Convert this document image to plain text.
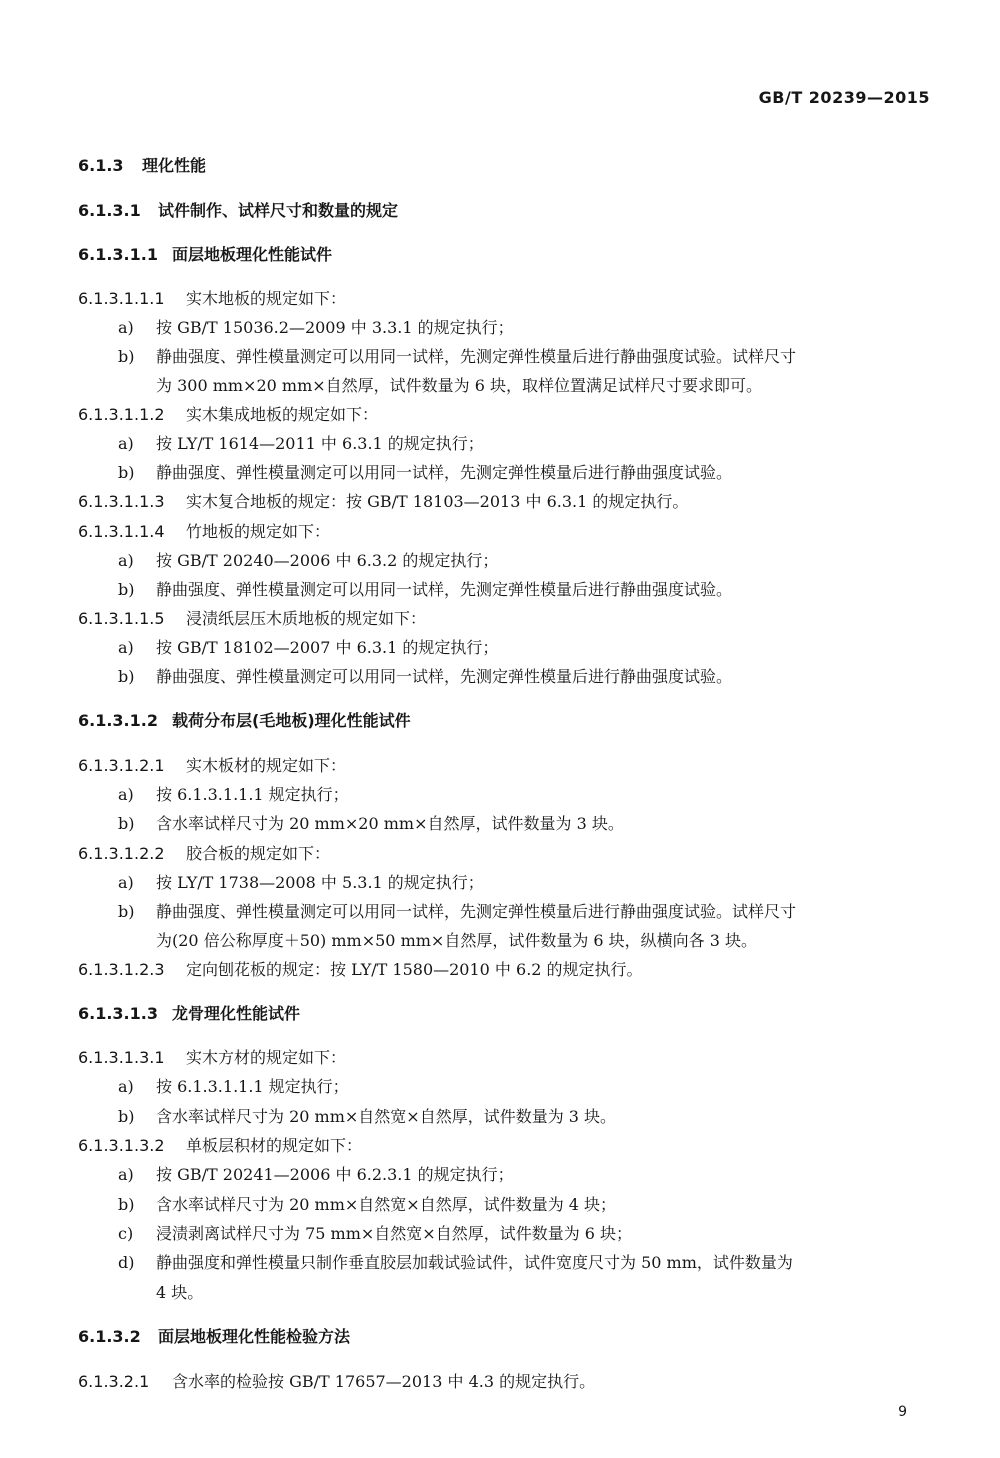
GB/T 20239—2015
6.1.3 理化性能
6.1.3.1 试件制作、试样尺寸和数量的规定
6.1.3.1.1 面层地板理化性能试件
6.1.3.1.1.1 实木地板的规定如下：
a) 按 GB/T 15036.2—2009 中 3.3.1 的规定执行；
b) 静曲强度、弹性模量测定可以用同一试样，先测定弹性模量后进行静曲强度试验。试样尺寸
为 300 mm×20 mm×自然厚，试件数量为 6 块，取样位置满足试样尺寸要求即可。
6.1.3.1.1.2 实木集成地板的规定如下：
a) 按 LY/T 1614—2011 中 6.3.1 的规定执行；
b) 静曲强度、弹性模量测定可以用同一试样，先测定弹性模量后进行静曲强度试验。
6.1.3.1.1.3 实木复合地板的规定：按 GB/T 18103—2013 中 6.3.1 的规定执行。
6.1.3.1.1.4 竹地板的规定如下：
a) 按 GB/T 20240—2006 中 6.3.2 的规定执行；
b) 静曲强度、弹性模量测定可以用同一试样，先测定弹性模量后进行静曲强度试验。
6.1.3.1.1.5 浸渍纸层压木质地板的规定如下：
a) 按 GB/T 18102—2007 中 6.3.1 的规定执行；
b) 静曲强度、弹性模量测定可以用同一试样，先测定弹性模量后进行静曲强度试验。
6.1.3.1.2 载荷分布层(毛地板)理化性能试件
6.1.3.1.2.1 实木板材的规定如下：
a) 按 6.1.3.1.1.1 规定执行；
b) 含水率试样尺寸为 20 mm×20 mm×自然厚，试件数量为 3 块。
6.1.3.1.2.2 胶合板的规定如下：
a) 按 LY/T 1738—2008 中 5.3.1 的规定执行；
b) 静曲强度、弹性模量测定可以用同一试样，先测定弹性模量后进行静曲强度试验。试样尺寸
为(20 倍公称厚度＋50) mm×50 mm×自然厚，试件数量为 6 块，纵横向各 3 块。
6.1.3.1.2.3 定向刨花板的规定：按 LY/T 1580—2010 中 6.2 的规定执行。
6.1.3.1.3 龙骨理化性能试件
6.1.3.1.3.1 实木方材的规定如下：
a) 按 6.1.3.1.1.1 规定执行；
b) 含水率试样尺寸为 20 mm×自然宽×自然厚，试件数量为 3 块。
6.1.3.1.3.2 单板层积材的规定如下：
a) 按 GB/T 20241—2006 中 6.2.3.1 的规定执行；
b) 含水率试样尺寸为 20 mm×自然宽×自然厚，试件数量为 4 块；
c) 浸渍剥离试样尺寸为 75 mm×自然宽×自然厚，试件数量为 6 块；
d) 静曲强度和弹性模量只制作垂直胶层加载试验试件，试件宽度尺寸为 50 mm，试件数量为
4 块。
6.1.3.2 面层地板理化性能检验方法
6.1.3.2.1 含水率的检验按 GB/T 17657—2013 中 4.3 的规定执行。
9
